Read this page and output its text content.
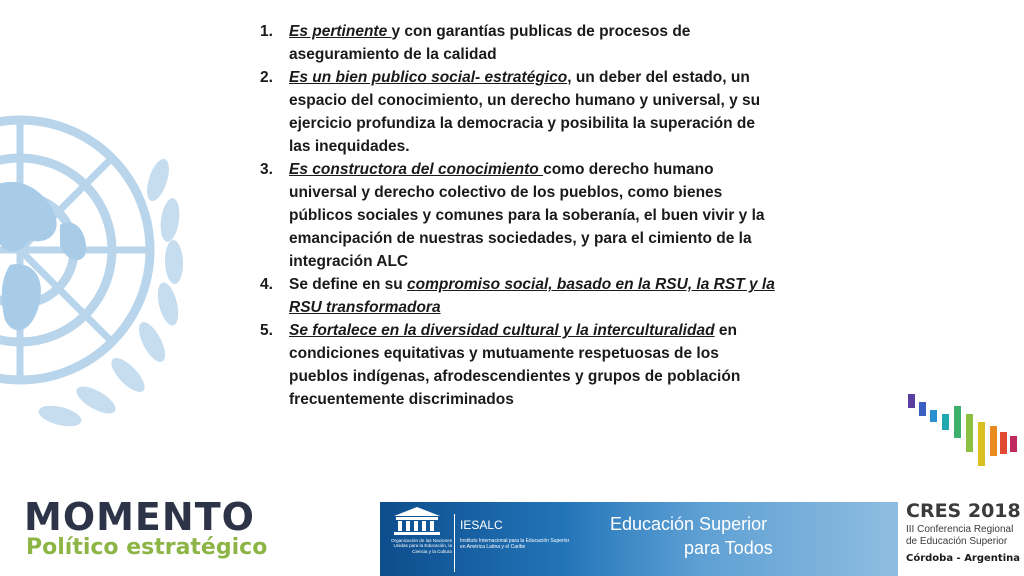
1. Es pertinente y con garantías publicas de procesos de aseguramiento de la calidad
2. Es un bien publico social- estratégico, un deber del estado, un espacio del conocimiento, un derecho humano y universal, y su ejercicio profundiza la democracia y posibilita la superación de las inequidades.
3. Es constructora del conocimiento como derecho humano universal y derecho colectivo de los pueblos, como bienes públicos sociales y comunes para la soberanía, el buen vivir y la emancipación de nuestras sociedades, y para el cimiento de la integración ALC
4. Se define en su compromiso social, basado en la RSU, la RST y la RSU transformadora
5. Se fortalece en la diversidad cultural y la interculturalidad en condiciones equitativas y mutuamente respetuosas de los pueblos indígenas, afrodescendientes y grupos de población frecuentemente discriminados
MOMENTO
Político estratégico	Organización de las Naciones Unidas para la Educación, la Ciencia y la Cultura
IESALC
Instituto Internacional para la Educación Superior en América Latina y el Caribe
Educación Superior
para Todos
CRES 2018
III Conferencia Regional
de Educación Superior
Córdoba - Argentina
